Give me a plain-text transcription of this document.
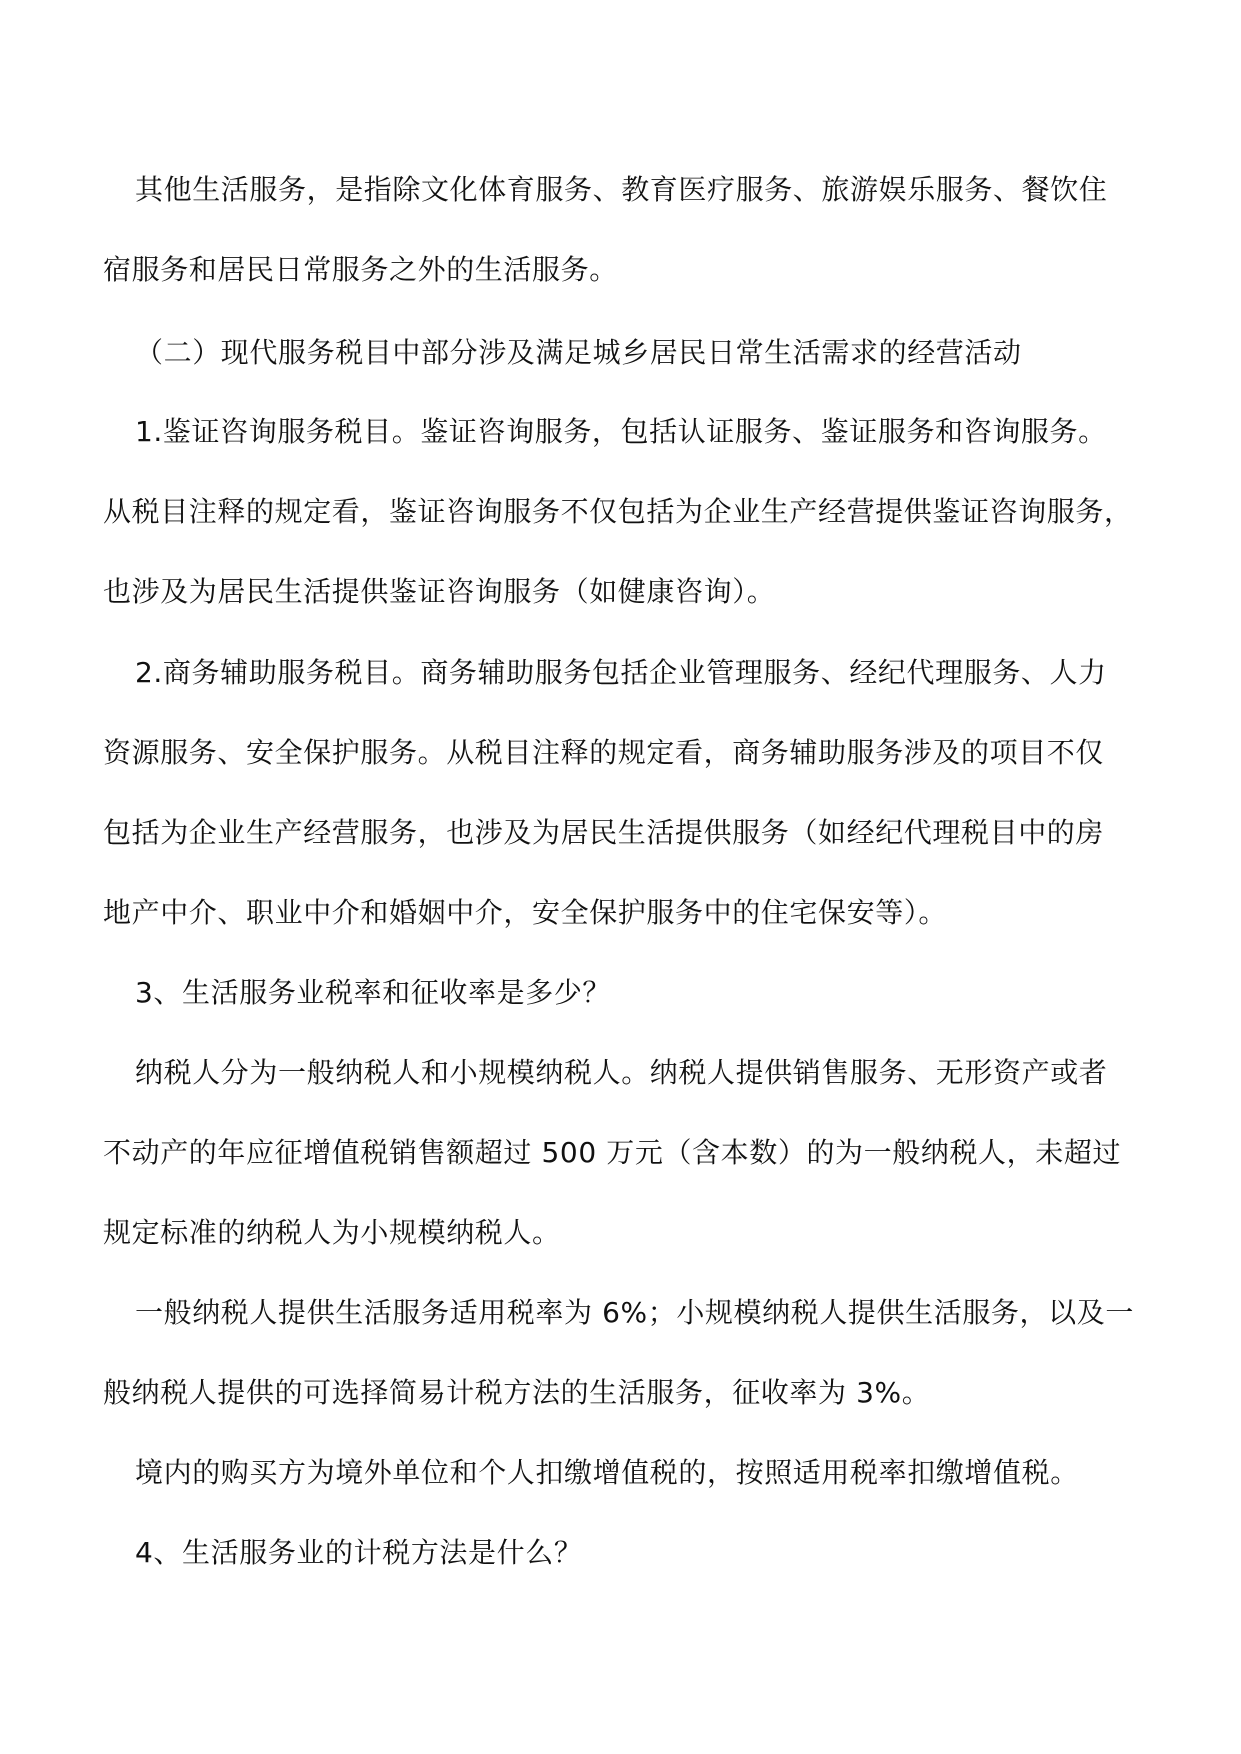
其他生活服务，是指除文化体育服务、教育医疗服务、旅游娱乐服务、餐饮住

宿服务和居民日常服务之外的生活服务。

（二）现代服务税目中部分涉及满足城乡居民日常生活需求的经营活动

1.鉴证咨询服务税目。鉴证咨询服务，包括认证服务、鉴证服务和咨询服务。

从税目注释的规定看，鉴证咨询服务不仅包括为企业生产经营提供鉴证咨询服务，

也涉及为居民生活提供鉴证咨询服务（如健康咨询）。

2.商务辅助服务税目。商务辅助服务包括企业管理服务、经纪代理服务、人力

资源服务、安全保护服务。从税目注释的规定看，商务辅助服务涉及的项目不仅

包括为企业生产经营服务，也涉及为居民生活提供服务（如经纪代理税目中的房

地产中介、职业中介和婚姻中介，安全保护服务中的住宅保安等）。

3、生活服务业税率和征收率是多少？

纳税人分为一般纳税人和小规模纳税人。纳税人提供销售服务、无形资产或者

不动产的年应征增值税销售额超过 500 万元（含本数）的为一般纳税人，未超过

规定标准的纳税人为小规模纳税人。

一般纳税人提供生活服务适用税率为 6%；小规模纳税人提供生活服务，以及一

般纳税人提供的可选择简易计税方法的生活服务，征收率为 3%。

境内的购买方为境外单位和个人扣缴增值税的，按照适用税率扣缴增值税。

4、生活服务业的计税方法是什么？
